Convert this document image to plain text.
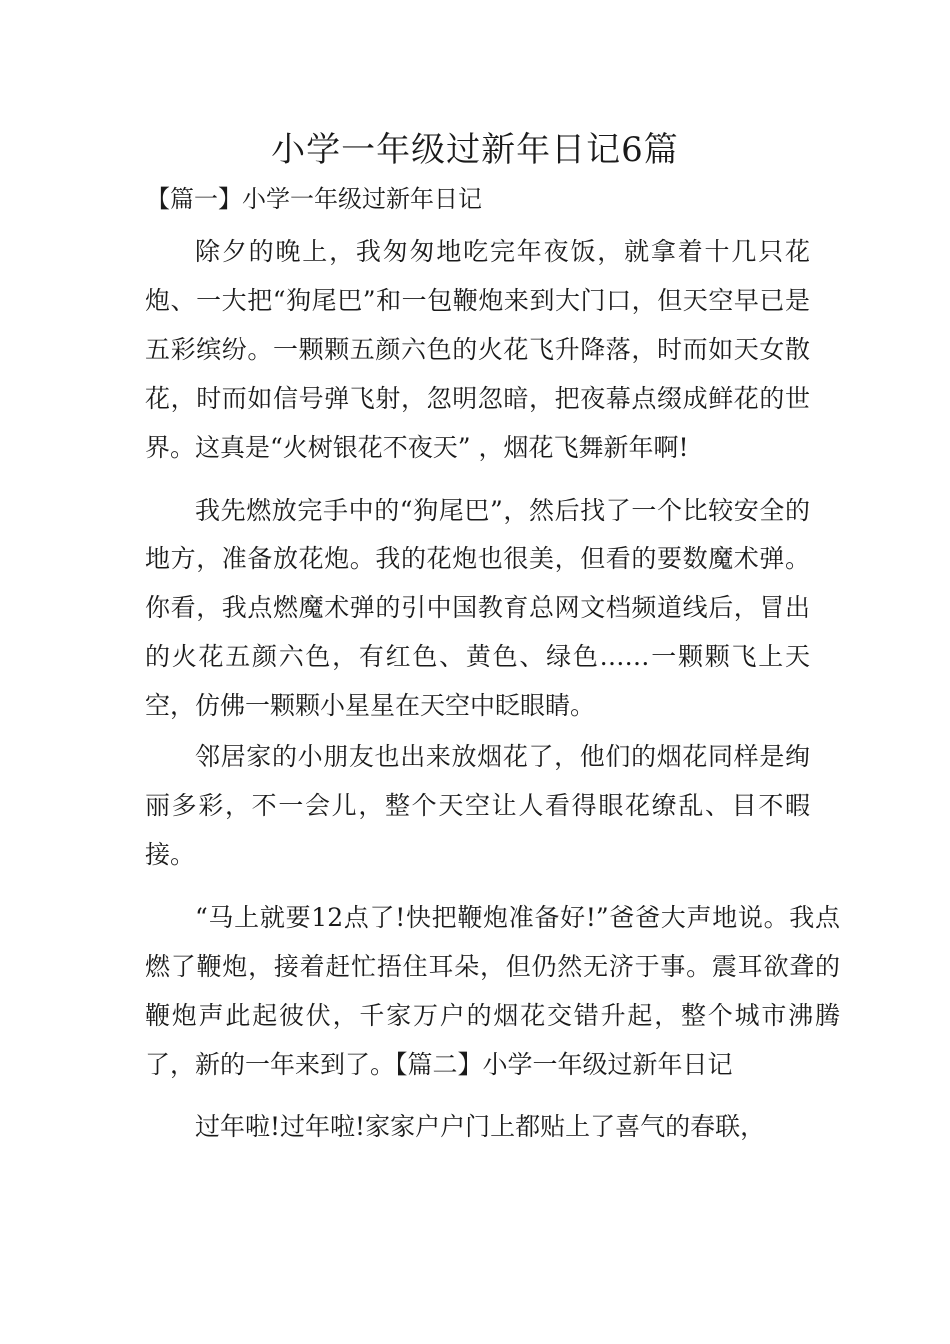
小学一年级过新年日记6篇
【篇一】小学一年级过新年日记

除夕的晚上，我匆匆地吃完年夜饭，就拿着十几只花炮、一大把“狗尾巴”和一包鞭炮来到大门口，但天空早已是五彩缤纷。一颗颗五颜六色的火花飞升降落，时而如天女散花，时而如信号弹飞射，忽明忽暗，把夜幕点缀成鲜花的世界。这真是“火树银花不夜天” ，烟花飞舞新年啊!

我先燃放完手中的“狗尾巴”，然后找了一个比较安全的地方，准备放花炮。我的花炮也很美，但看的要数魔术弹。你看，我点燃魔术弹的引中国教育总网文档频道线后，冒出的火花五颜六色，有红色、黄色、绿色……一颗颗飞上天空，仿佛一颗颗小星星在天空中眨眼睛。

邻居家的小朋友也出来放烟花了，他们的烟花同样是绚丽多彩，不一会儿，整个天空让人看得眼花缭乱、目不暇接。

“马上就要12点了!快把鞭炮准备好!”爸爸大声地说。我点燃了鞭炮，接着赶忙捂住耳朵，但仍然无济于事。震耳欲聋的鞭炮声此起彼伏，千家万户的烟花交错升起，整个城市沸腾了，新的一年来到了。【篇二】小学一年级过新年日记

过年啦!过年啦!家家户户门上都贴上了喜气的春联，
